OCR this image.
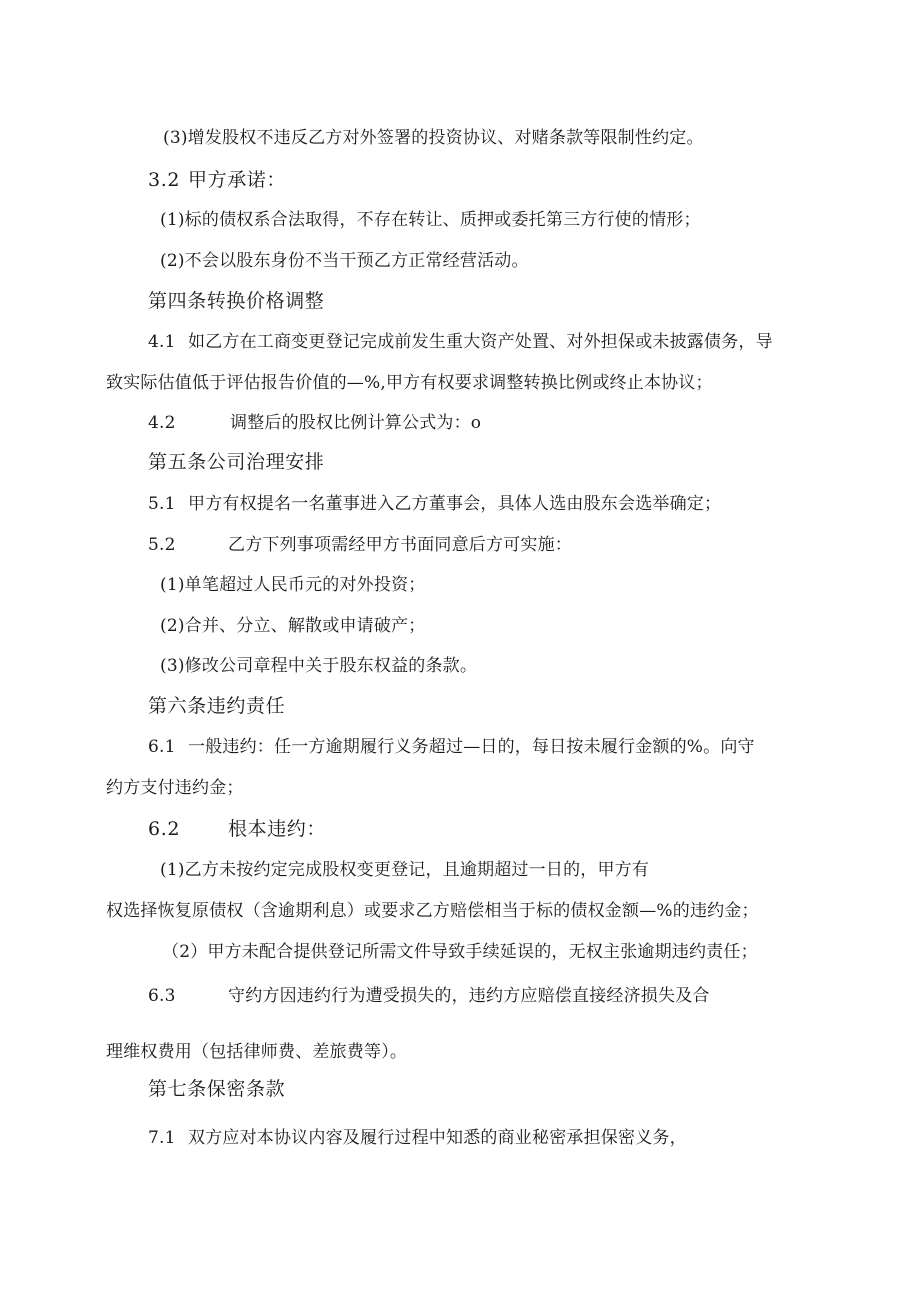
(3)增发股权不违反乙方对外签署的投资协议、对赌条款等限制性约定。
3.2 甲方承诺：
(1)标的债权系合法取得，不存在转让、质押或委托第三方行使的情形；
(2)不会以股东身份不当干预乙方正常经营活动。
第四条转换价格调整
4.1 如乙方在工商变更登记完成前发生重大资产处置、对外担保或未披露债务，导
致实际估值低于评估报告价值的—%,甲方有权要求调整转换比例或终止本协议；
4.2	调整后的股权比例计算公式为：o
第五条公司治理安排
5.1 甲方有权提名一名董事进入乙方董事会，具体人选由股东会选举确定；
5.2	乙方下列事项需经甲方书面同意后方可实施：
(1)单笔超过人民币元的对外投资；
(2)合并、分立、解散或申请破产；
(3)修改公司章程中关于股东权益的条款。
第六条违约责任
6.1 一般违约：任一方逾期履行义务超过—日的，每日按未履行金额的%。向守
约方支付违约金；
6.2	根本违约：
(1)乙方未按约定完成股权变更登记，且逾期超过一日的，甲方有
权选择恢复原债权（含逾期利息）或要求乙方赔偿相当于标的债权金额—%的违约金；
（2）甲方未配合提供登记所需文件导致手续延误的，无权主张逾期违约责任；
6.3	守约方因违约行为遭受损失的，违约方应赔偿直接经济损失及合
理维权费用（包括律师费、差旅费等）。
第七条保密条款
7.1 双方应对本协议内容及履行过程中知悉的商业秘密承担保密义务，
